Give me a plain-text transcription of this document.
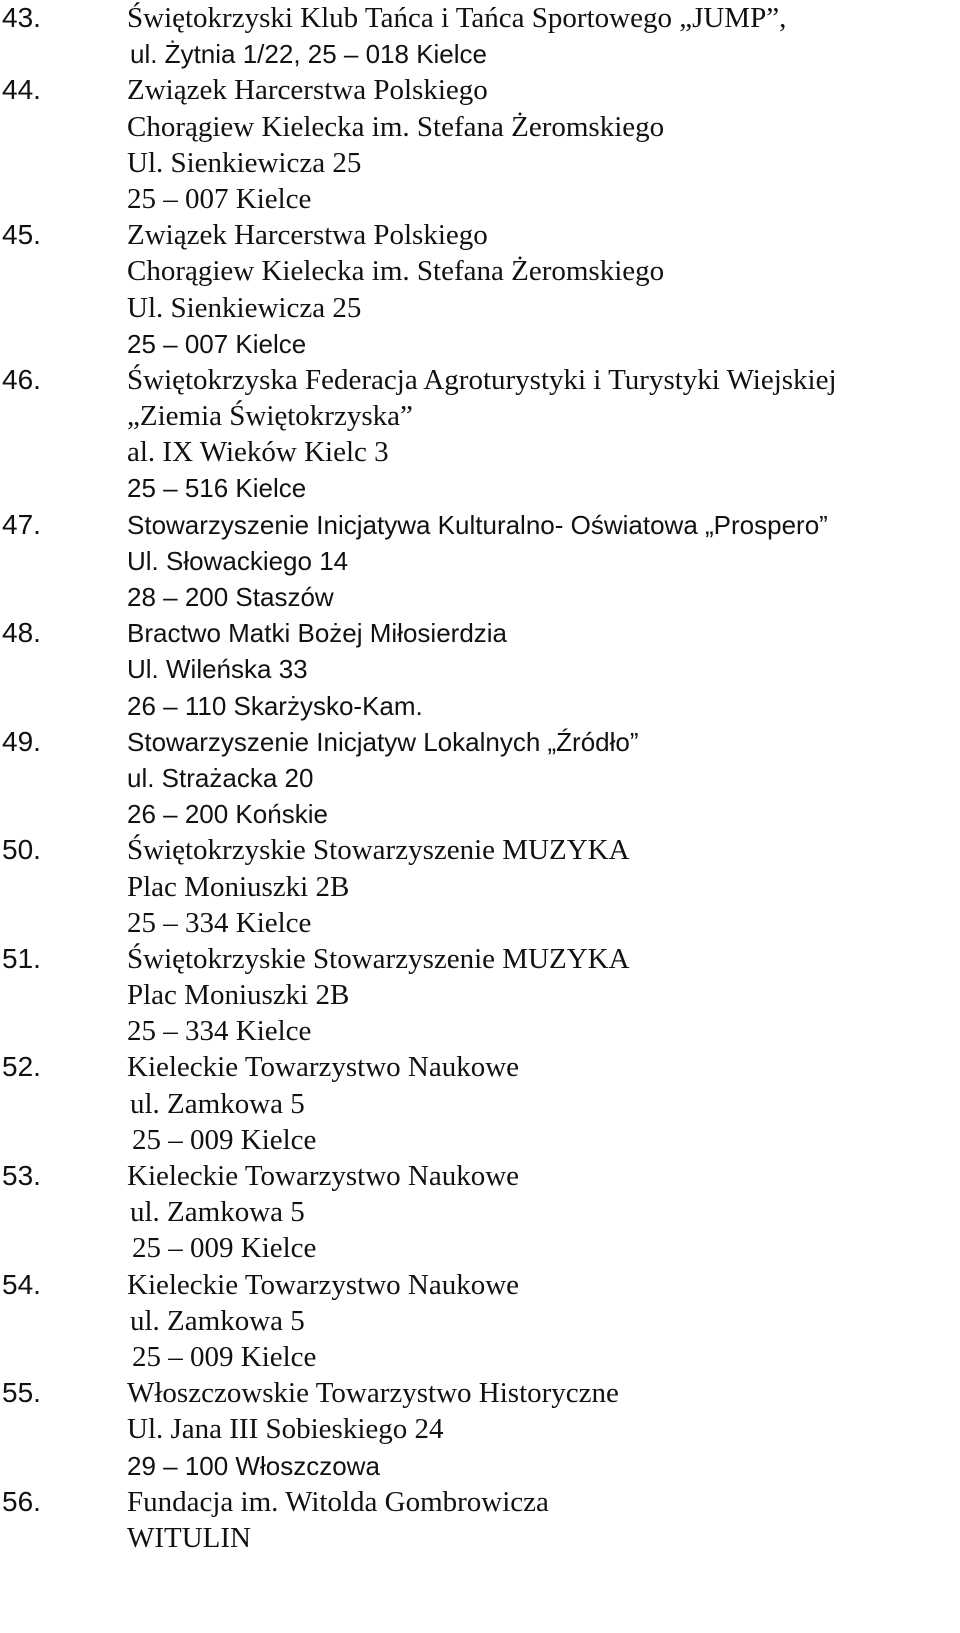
43.	Świętokrzyski Klub Tańca i Tańca Sportowego „JUMP”,
ul. Żytnia 1/22, 25 – 018 Kielce
44.	Związek Harcerstwa Polskiego
Chorągiew Kielecka im. Stefana Żeromskiego
Ul. Sienkiewicza 25
25 – 007 Kielce
45.	Związek Harcerstwa Polskiego
Chorągiew Kielecka im. Stefana Żeromskiego
Ul. Sienkiewicza 25
25 – 007 Kielce
46.	Świętokrzyska Federacja Agroturystyki i Turystyki Wiejskiej
„Ziemia Świętokrzyska”
al. IX Wieków Kielc 3
25 – 516 Kielce
47.	Stowarzyszenie Inicjatywa Kulturalno- Oświatowa „Prospero”
Ul. Słowackiego 14
28 – 200 Staszów
48.	Bractwo Matki Bożej Miłosierdzia
Ul. Wileńska 33
26 – 110 Skarżysko-Kam.
49.	Stowarzyszenie Inicjatyw Lokalnych „Źródło”
ul. Strażacka 20
26 – 200 Końskie
50.	Świętokrzyskie Stowarzyszenie MUZYKA
Plac Moniuszki 2B
25 – 334 Kielce
51.	Świętokrzyskie Stowarzyszenie MUZYKA
Plac Moniuszki 2B
25 – 334 Kielce
52.	Kieleckie Towarzystwo Naukowe
ul. Zamkowa 5
25 – 009 Kielce
53.	Kieleckie Towarzystwo Naukowe
ul. Zamkowa 5
25 – 009 Kielce
54.	Kieleckie Towarzystwo Naukowe
ul. Zamkowa 5
25 – 009 Kielce
55.	Włoszczowskie Towarzystwo Historyczne
Ul. Jana III Sobieskiego 24
29 – 100 Włoszczowa
56.	Fundacja im. Witolda Gombrowicza
WITULIN
